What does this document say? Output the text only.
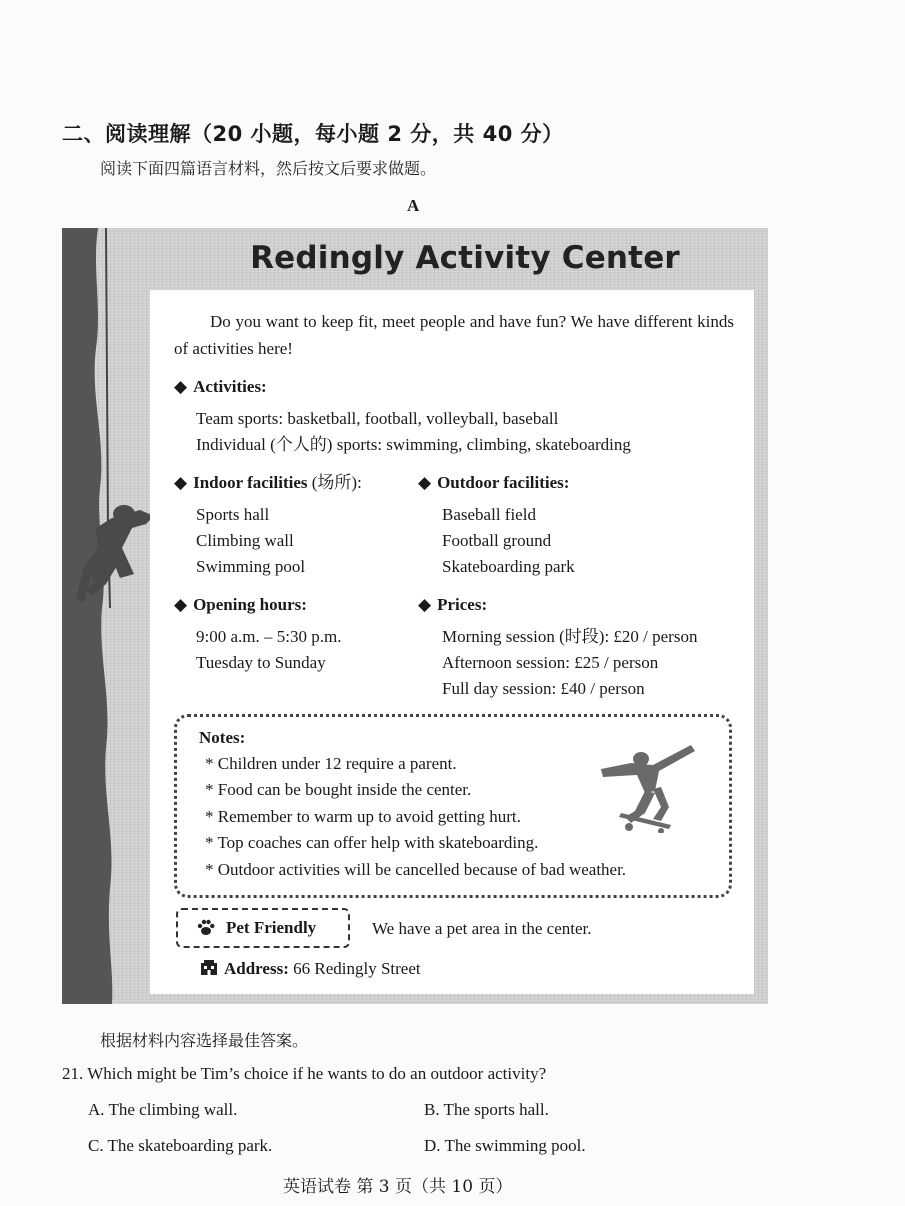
二、阅读理解（20 小题，每小题 2 分，共 40 分）
阅读下面四篇语言材料，然后按文后要求做题。
A
Redingly Activity Center
Do you want to keep fit, meet people and have fun? We have different kinds of activities here!
◆ Activities:
Team sports: basketball, football, volleyball, baseball
Individual (个人的) sports: swimming, climbing, skateboarding
◆ Indoor facilities (场所):
Sports hall
Climbing wall
Swimming pool
◆ Outdoor facilities:
Baseball field
Football ground
Skateboarding park
◆ Opening hours:
9:00 a.m. – 5:30 p.m.
Tuesday to Sunday
◆ Prices:
Morning session (时段): £20 / person
Afternoon session: £25 / person
Full day session: £40 / person
Notes:
* Children under 12 require a parent.
* Food can be bought inside the center.
* Remember to warm up to avoid getting hurt.
* Top coaches can offer help with skateboarding.
* Outdoor activities will be cancelled because of bad weather.
Pet Friendly	We have a pet area in the center.
Address: 66 Redingly Street
根据材料内容选择最佳答案。
21. Which might be Tim’s choice if he wants to do an outdoor activity?
A. The climbing wall.	B. The sports hall.
C. The skateboarding park.	D. The swimming pool.
英语试卷 第 3 页（共 10 页）
